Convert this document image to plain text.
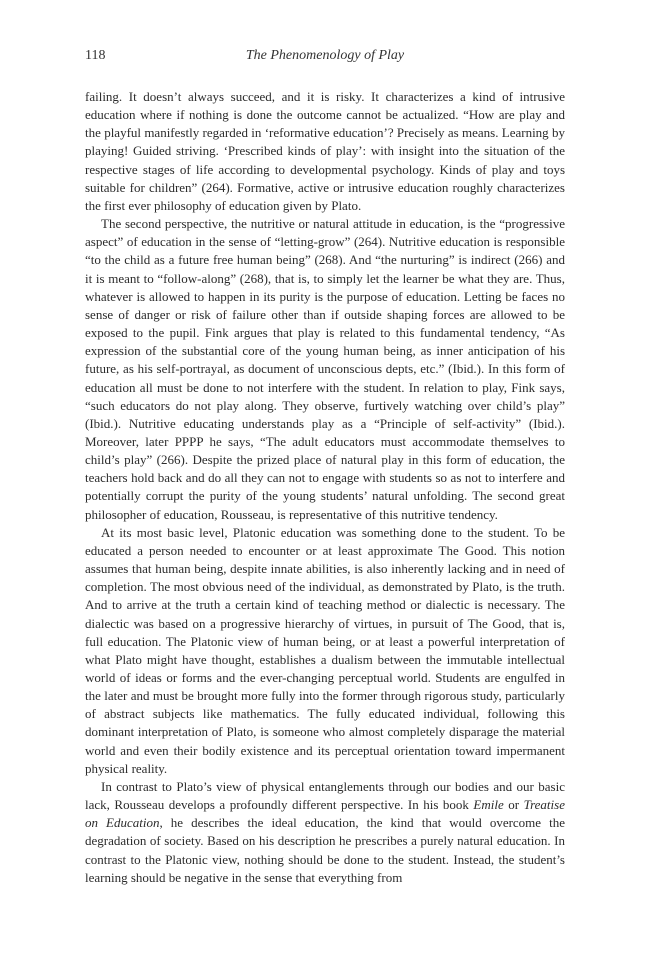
118	The Phenomenology of Play

failing. It doesn’t always succeed, and it is risky. It characterizes a kind of intrusive education where if nothing is done the outcome cannot be actualized. “How are play and the playful manifestly regarded in ‘reformative education’? Precisely as means. Learning by playing! Guided striving. ‘Prescribed kinds of play’: with insight into the situation of the respective stages of life according to developmental psychology. Kinds of play and toys suitable for children” (264). Formative, active or intrusive education roughly characterizes the first ever philosophy of education given by Plato.

The second perspective, the nutritive or natural attitude in education, is the “progressive aspect” of education in the sense of “letting-grow” (264). Nutritive education is responsible “to the child as a future free human being” (268). And “the nurturing” is indirect (266) and it is meant to “follow-along” (268), that is, to simply let the learner be what they are. Thus, whatever is allowed to happen in its purity is the purpose of education. Letting be faces no sense of danger or risk of failure other than if outside shaping forces are allowed to be exposed to the pupil. Fink argues that play is related to this fundamental tendency, “As expression of the substantial core of the young human being, as inner anticipation of his future, as his self-portrayal, as document of unconscious depts, etc.” (Ibid.). In this form of education all must be done to not interfere with the student. In relation to play, Fink says, “such educators do not play along. They observe, furtively watching over child’s play” (Ibid.). Nutritive educating understands play as a “Principle of self-activity” (Ibid.). Moreover, later PPPP he says, “The adult educators must accommodate themselves to child’s play” (266). Despite the prized place of natural play in this form of education, the teachers hold back and do all they can not to engage with students so as not to interfere and potentially corrupt the purity of the young students’ natural unfolding. The second great philosopher of education, Rousseau, is representative of this nutritive tendency.

At its most basic level, Platonic education was something done to the student. To be educated a person needed to encounter or at least approximate The Good. This notion assumes that human being, despite innate abilities, is also inherently lacking and in need of completion. The most obvious need of the individual, as demonstrated by Plato, is the truth. And to arrive at the truth a certain kind of teaching method or dialectic is necessary. The dialectic was based on a progressive hierarchy of virtues, in pursuit of The Good, that is, full education. The Platonic view of human being, or at least a powerful interpretation of what Plato might have thought, establishes a dualism between the immutable intellectual world of ideas or forms and the ever-changing perceptual world. Students are engulfed in the later and must be brought more fully into the former through rigorous study, particularly of abstract subjects like mathematics. The fully educated individual, following this dominant interpretation of Plato, is someone who almost completely disparage the material world and even their bodily existence and its perceptual orientation toward impermanent physical reality.

In contrast to Plato’s view of physical entanglements through our bodies and our basic lack, Rousseau develops a profoundly different perspective. In his book Emile or Treatise on Education, he describes the ideal education, the kind that would overcome the degradation of society. Based on his description he prescribes a purely natural education. In contrast to the Platonic view, nothing should be done to the student. Instead, the student’s learning should be negative in the sense that everything from
